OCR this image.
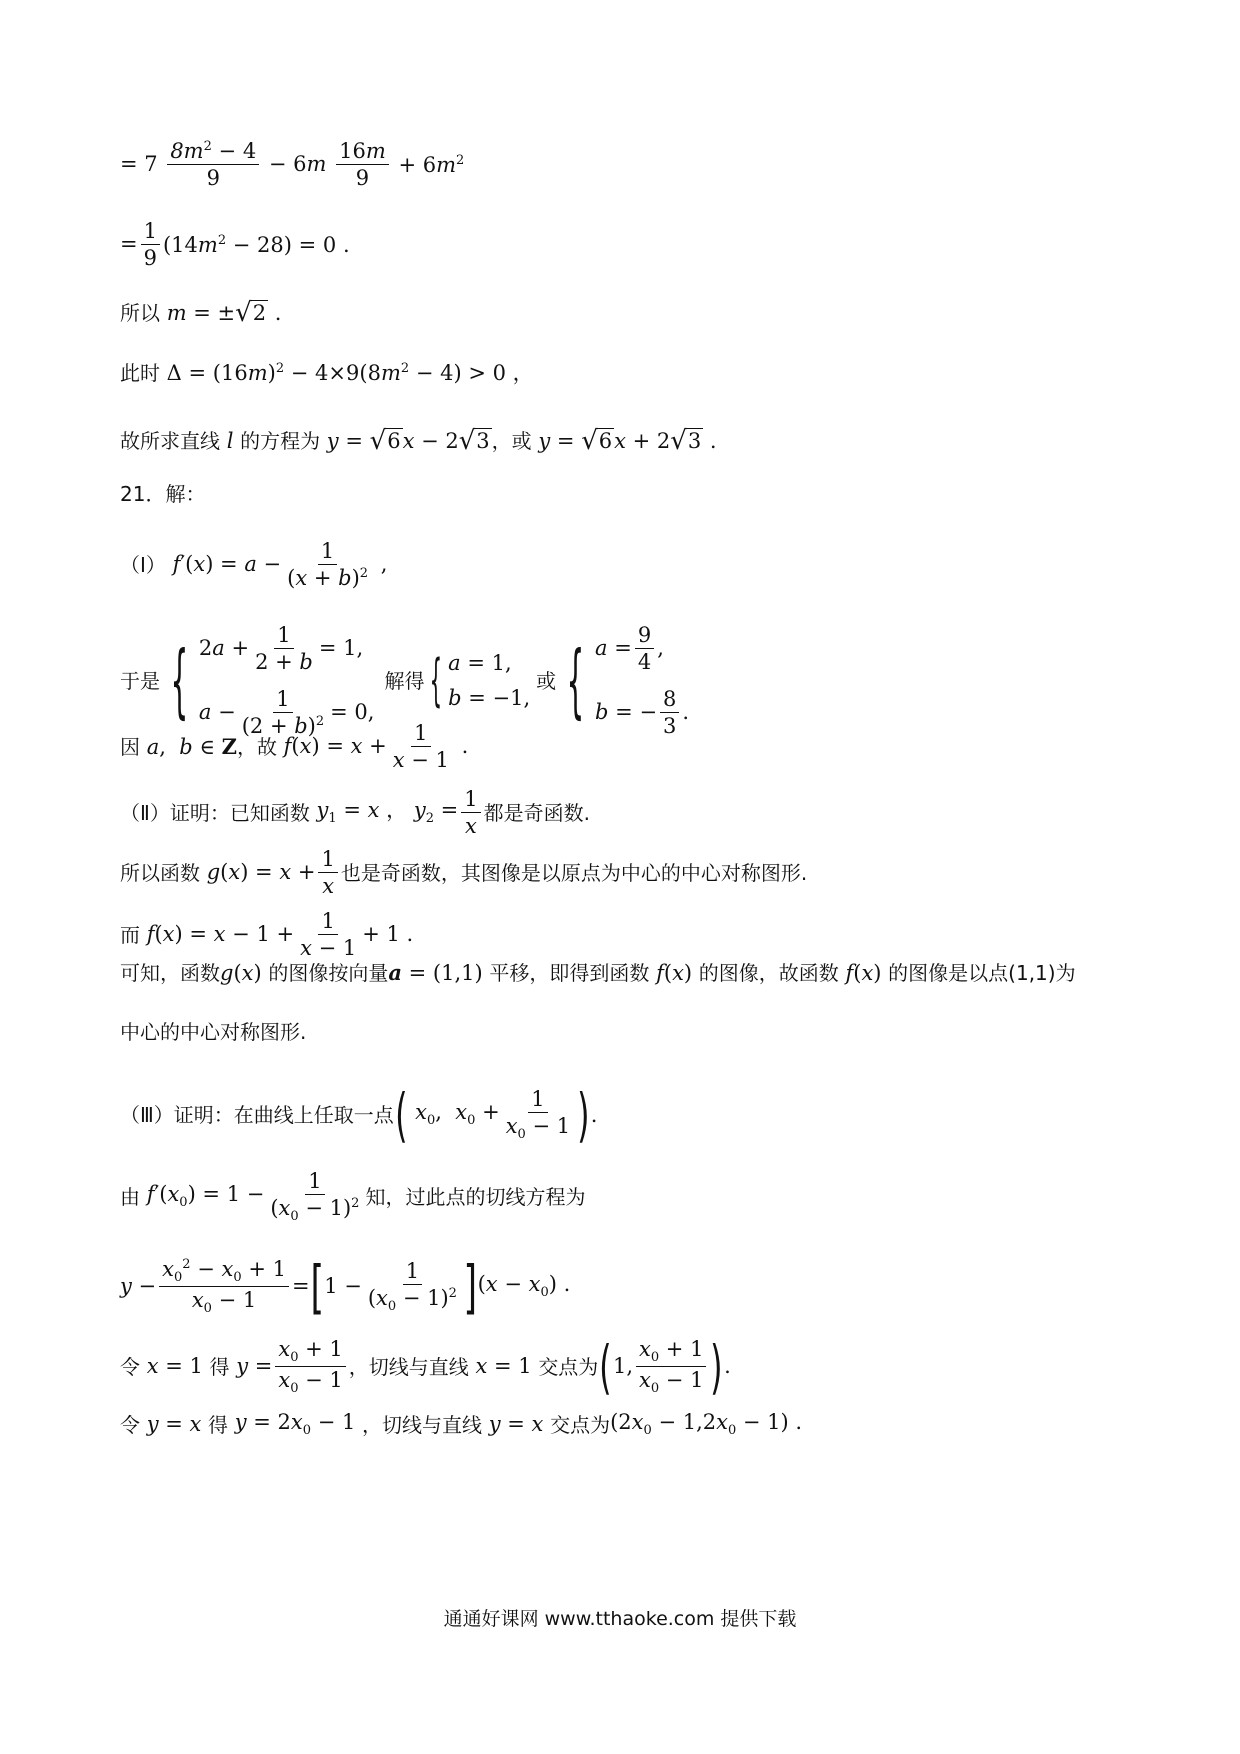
= $7 \frac{8m^2 - 4}{9} - 6m \frac{16m}{9} + 6m^2$
= $\frac{1}{9} (14m^2 - 28) = 0$ .
所以 m = ± √ 2 .
此时 $\Delta = (16m)^2 - 4\times 9(8m^2 - 4) > 0$ ，
故所求直线 l 的方程为 y = √ 6 x − 2 √ 3 ，或 y = √ 6 x + 2 √ 3 .
21．解：
（Ⅰ） $f'(x) = a - \frac{1}{(x + b)^2}$ ,
于是 { 2 $a + \frac{1}{2 + b} = 1$,
$a - \frac{1}{(2 + b)^2} = 0$,
解得 { a = 1,
b = −1,
或 { $a = \frac{9}{4}$ ,
b = − $\frac{8}{3}$ .
因 a,  b ∈ Z ，故 $f(x) = x + \frac{1}{x - 1}$ .
（Ⅱ）证明：已知函数 $y_1 = x$ ， $y_2 = \frac{1}{x}$ 都是奇函数.
所以函数 $g(x) = x + \frac{1}{x}$ 也是奇函数，其图像是以原点为中心的中心对称图形.
而 $f(x) = x - 1 + \frac{1}{x - 1} + 1$ .
可知，函数 g(x) 的图像按向量 a = (1,1) 平移，即得到函数 f(x) 的图像，故函数 f(x) 的图像是以点(1,1)为
中心的中心对称图形.
（Ⅲ）证明：在曲线上任取一点 ( $x_0$,  $x_0 + \frac{1}{x_0 - 1}$ ) .
由 $f'(x_0) = 1 - \frac{1}{(x_0 - 1)^2}$ 知，过此点的切线方程为
$y - \frac{x_0^2 - x_0 + 1}{x_0 - 1}$ = [ $1 - \frac{1}{(x_0 - 1)^2}$ ] $(x - x_0)$ .
令 x = 1 得 $y = \frac{x_0 + 1}{x_0 - 1}$ ，切线与直线 x = 1 交点为 ( 1, $\frac{x_0 + 1}{x_0 - 1}$ ) .
令 y = x 得 $y = 2x_0 - 1$ ，切线与直线 y = x 交点为 $(2x_0 - 1,2x_0 - 1)$ .
通通好课网 www.tthaoke.com 提供下载
